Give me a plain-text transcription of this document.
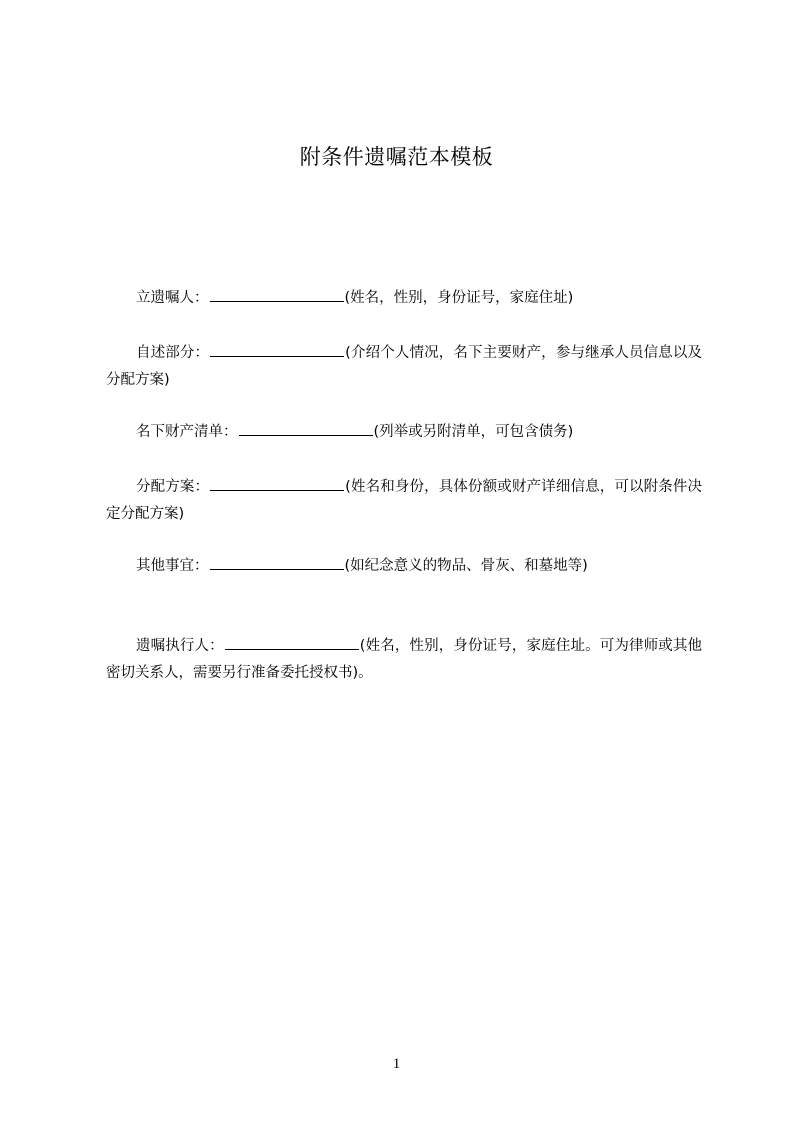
附条件遗嘱范本模板

立遗嘱人：	(姓名，性别，身份证号，家庭住址)

自述部分：	(介绍个人情况，名下主要财产，参与继承人员信息以及分配方案)

名下财产清单：	(列举或另附清单，可包含债务)

分配方案：	(姓名和身份，具体份额或财产详细信息，可以附条件决定分配方案)

其他事宜：	(如纪念意义的物品、骨灰、和墓地等)

遗嘱执行人：	(姓名，性别，身份证号，家庭住址。可为律师或其他密切关系人，需要另行准备委托授权书)。

1
